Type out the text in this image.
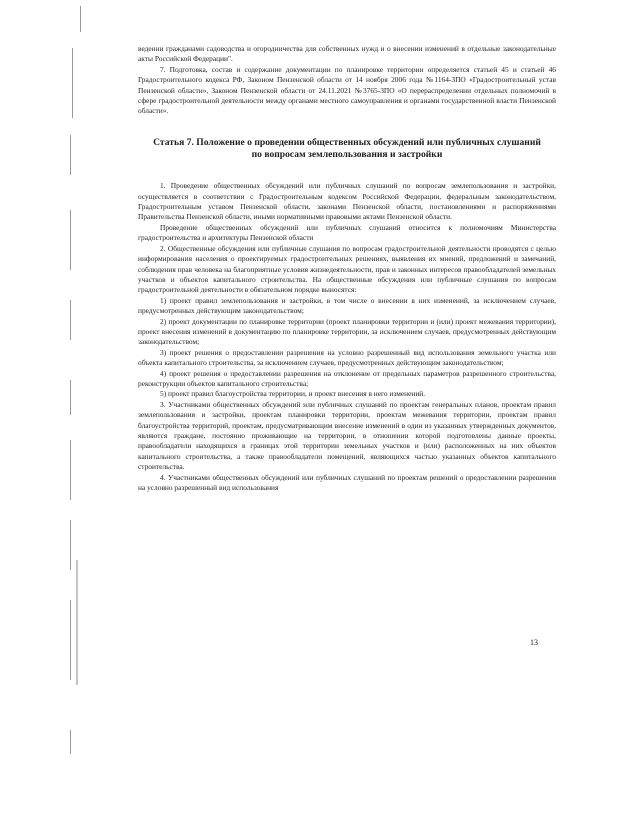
веденни гражданами садоводства и огородничества для собственных нужд и о внесении изменений в отдельные законодательные акты Российской Федерации".

7. Подготовка, состав и содержание документации по планировке территории определяется статьей 45 и статьей 46 Градостроительного кодекса РФ, Законом Пензенской области от 14 ноября 2006 года №1164-ЗПО «Градостроительный устав Пензенской области», Законом Пензенской области от 24.11.2021 №3765-ЗПО «О перераспределении отдельных полномочий в сфере градостроительной деятельности между органами местного самоуправления и органами государственной власти Пензенской области».

Статья 7. Положение о проведении общественных обсуждений или публичных слушаний по вопросам землепользования и застройки

1. Проведение общественных обсуждений или публичных слушаний по вопросам землепользования и застройки, осуществляется в соответствии с Градостроительным кодексом Российской Федерации, федеральным законодательством, Градостроительным уставом Пензенской области, законами Пензенской области, постановлениями и распоряжениями Правительства Пензенской области, иными нормативными правовыми актами Пензенской области.

Проведение общественных обсуждений или публичных слушаний относится к полномочиям Министерства градостроительства и архитектуры Пензенской области

2. Общественные обсуждения или публичные слушания по вопросам градостроительной деятельности проводятся с целью информирования населения о проектируемых градостроительных решениях, выявления их мнений, предложений и замечаний, соблюдения прав человека на благоприятные условия жизнедеятельности, прав и законных интересов правообладателей земельных участков и объектов капитального строительства. На общественные обсуждения или публичные слушания по вопросам градостроительной деятельности в обязательном порядке выносятся:

1) проект правил землепользования и застройки, в том числе о внесении в них изменений, за исключением случаев, предусмотренных действующим законодательством;

2) проект документации по планировке территории (проект планировки территории и (или) проект межевания территории), проект внесения изменений в документацию по планировке территории, за исключением случаев, предусмотренных действующим законодательством;

3) проект решения о предоставлении разрешения на условно разрешенный вид использования земельного участка или объекта капитального строительства, за исключением случаев, предусмотренных действующим законодательством;

4) проект решения о предоставлении разрешения на отклонение от предельных параметров разрешенного строительства, реконструкции объектов капитального строительства;

5) проект правил благоустройства территории, и проект внесения в него изменений.

3. Участниками общественных обсуждений или публичных слушаний по проектам генеральных планов, проектам правил землепользования и застройки, проектам планировки территории, проектам межевания территории, проектам правил благоустройства территорий, проектам, предусматривающим внесение изменений в один из указанных утвержденных документов, являются граждане, постоянно проживающие на территории, в отношении которой подготовлены данные проекты, правообладатели находящихся в границах этой территории земельных участков и (или) расположенных на них объектов капитального строительства, а также правообладатели помещений, являющихся частью указанных объектов капитального строительства.

4. Участниками общественных обсуждений или публичных слушаний по проектам решений о предоставлении разрешения на условно разрешенный вид использования

13
